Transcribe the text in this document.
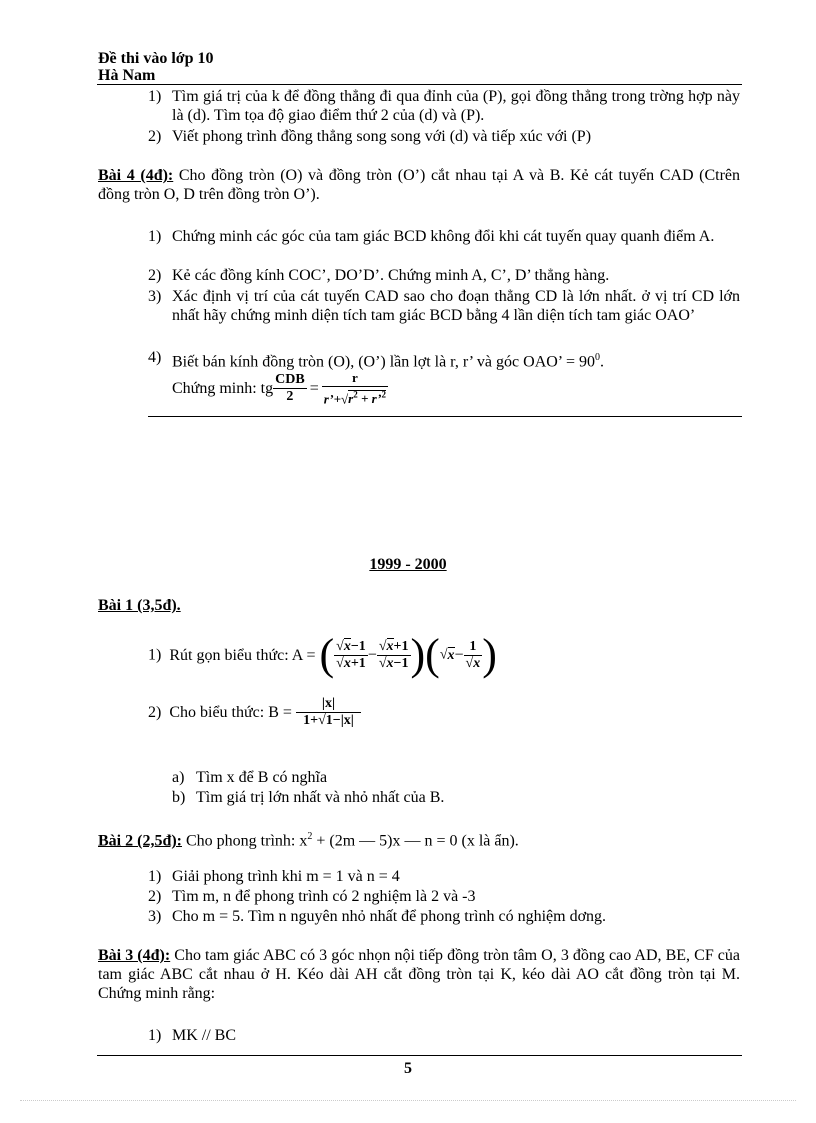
Đề thi vào lớp 10
Hà Nam
1) Tìm giá trị của k để đồng thẳng đi qua đỉnh của (P), gọi đồng thẳng trong trờng hợp này là (d). Tìm tọa độ giao điểm thứ 2 của (d) và (P).
2) Viết phong trình đồng thẳng song song với (d) và tiếp xúc với (P)
Bài 4 (4đ): Cho đồng tròn (O) và đồng tròn (O’) cắt nhau tại A và B. Kẻ cát tuyến CAD (Ctrên đồng tròn O, D trên đồng tròn O’).
1) Chứng minh các góc của tam giác BCD không đổi khi cát tuyến quay quanh điểm A.
2) Kẻ các đồng kính COC’, DO’D’. Chứng minh A, C’, D’ thẳng hàng.
3) Xác định vị trí của cát tuyến CAD sao cho đoạn thẳng CD là lớn nhất. ở vị trí CD lớn nhất hãy chứng minh diện tích tam giác BCD bằng 4 lần diện tích tam giác OAO’
4) Biết bán kính đồng tròn (O), (O’) lần lợt là r, r’ và góc OAO’ = $90^0$.
Chứng minh: tg $\frac{\text{CDB}}{2} = \frac{r}{r’+√r^2 + r’^2}$
1999 - 2000
Bài 1 (3,5đ).
1) Rút gọn biểu thức: A = ( $\frac{√x-1}{√x+1} - \frac{√x+1}{√x-1} )(√x- \frac{1}{√x}$ )
2) Cho biểu thức: $B = \frac{|x|}{1+√1-|x|}$
a) Tìm x để B có nghĩa
b) Tìm giá trị lớn nhất và nhỏ nhất của B.
Bài 2 (2,5đ): Cho phong trình: $x^2 + (2m$ — 5)x — n = 0 (x là ẩn).
1) Giải phong trình khi m = 1 và n = 4
2) Tìm m, n để phong trình có 2 nghiệm là 2 và -3
3) Cho m = 5. Tìm n nguyên nhỏ nhất để phong trình có nghiệm dơng.
Bài 3 (4đ): Cho tam giác ABC có 3 góc nhọn nội tiếp đồng tròn tâm O, 3 đồng cao AD, BE, CF của tam giác ABC cắt nhau ở H. Kéo dài AH cắt đồng tròn tại K, kéo dài AO cắt đồng tròn tại M. Chứng minh rằng:
1) MK // BC
5
